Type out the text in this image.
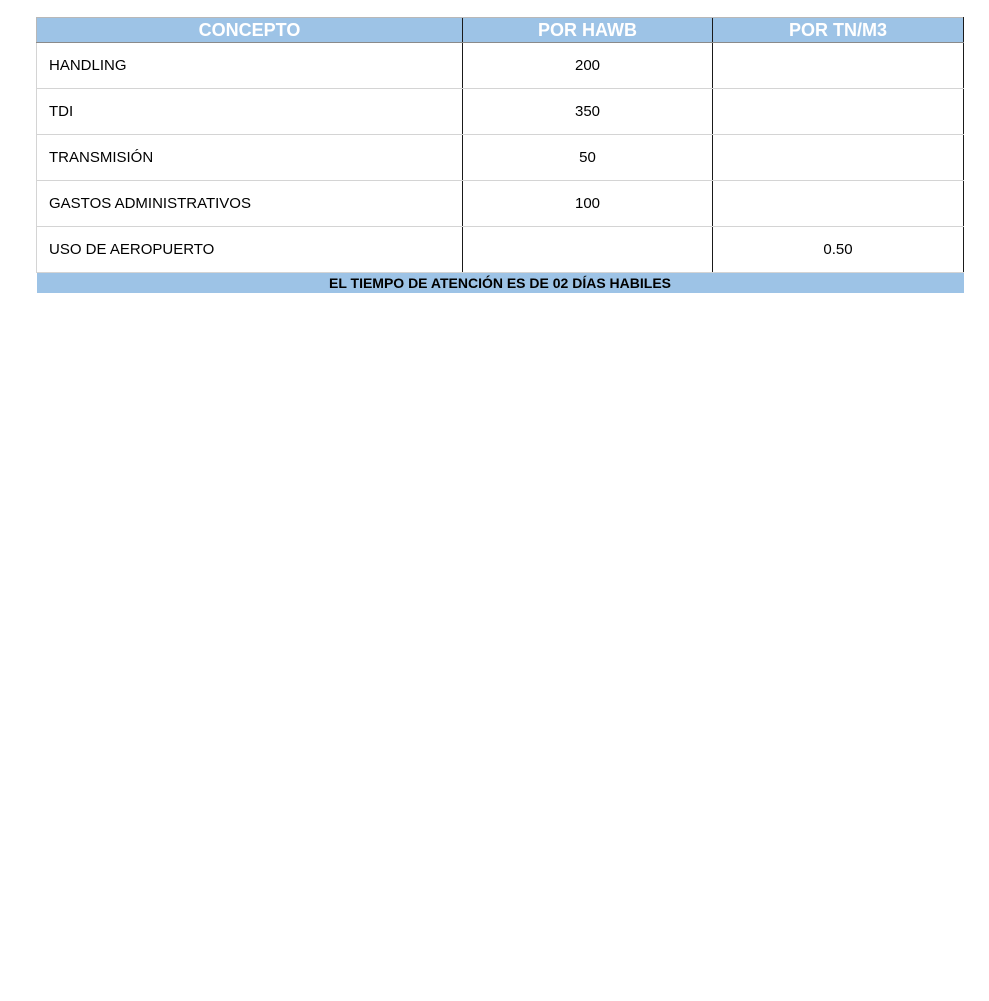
CONCEPTO	POR HAWB	POR TN/M3
HANDLING	200	
TDI	350	
TRANSMISIÓN	50	
GASTOS ADMINISTRATIVOS	100	
USO DE AEROPUERTO		0.50
EL TIEMPO DE ATENCIÓN ES DE 02 DÍAS HABILES		
